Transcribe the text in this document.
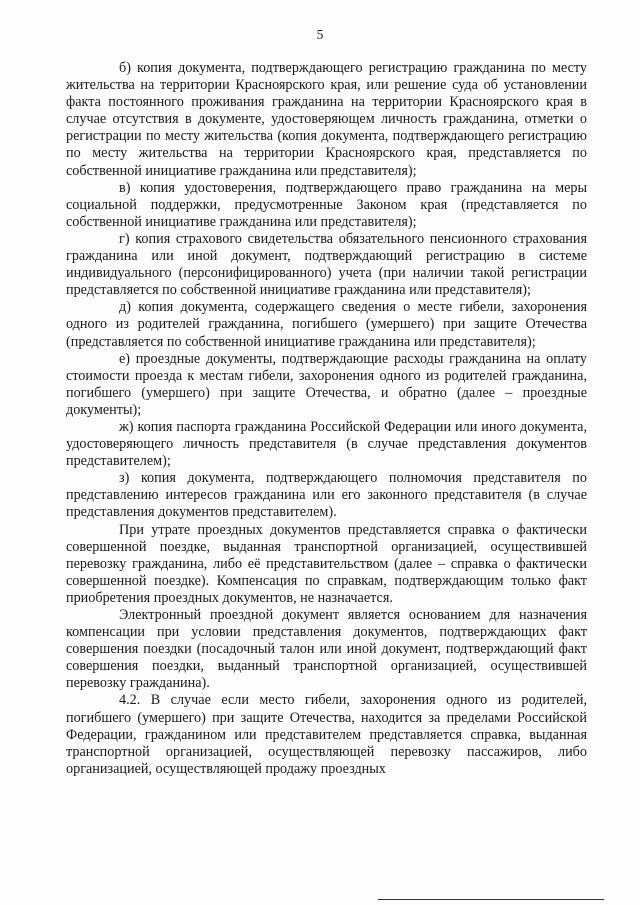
5

б) копия документа, подтверждающего регистрацию гражданина по месту жительства на территории Красноярского края, или решение суда об установлении факта постоянного проживания гражданина на территории Красноярского края в случае отсутствия в документе, удостоверяющем личность гражданина, отметки о регистрации по месту жительства (копия документа, подтверждающего регистрацию по месту жительства на территории Красноярского края, представляется по собственной инициативе гражданина или представителя);

в) копия удостоверения, подтверждающего право гражданина на меры социальной поддержки, предусмотренные Законом края (представляется по собственной инициативе гражданина или представителя);

г) копия страхового свидетельства обязательного пенсионного страхования гражданина или иной документ, подтверждающий регистрацию в системе индивидуального (персонифицированного) учета (при наличии такой регистрации представляется по собственной инициативе гражданина или представителя);

д) копия документа, содержащего сведения о месте гибели, захоронения одного из родителей гражданина, погибшего (умершего) при защите Отечества (представляется по собственной инициативе гражданина или представителя);

е) проездные документы, подтверждающие расходы гражданина на оплату стоимости проезда к местам гибели, захоронения одного из родителей гражданина, погибшего (умершего) при защите Отечества, и обратно (далее – проездные документы);

ж) копия паспорта гражданина Российской Федерации или иного документа, удостоверяющего личность представителя (в случае представления документов представителем);

з) копия документа, подтверждающего полномочия представителя по представлению интересов гражданина или его законного представителя (в случае представления документов представителем).

При утрате проездных документов представляется справка о фактически совершенной поездке, выданная транспортной организацией, осуществившей перевозку гражданина, либо её представительством (далее – справка о фактически совершенной поездке). Компенсация по справкам, подтверждающим только факт приобретения проездных документов, не назначается.

Электронный проездной документ является основанием для назначения компенсации при условии представления документов, подтверждающих факт совершения поездки (посадочный талон или иной документ, подтверждающий факт совершения поездки, выданный транспортной организацией, осуществившей перевозку гражданина).

4.2. В случае если место гибели, захоронения одного из родителей, погибшего (умершего) при защите Отечества, находится за пределами Российской Федерации, гражданином или представителем представляется справка, выданная транспортной организацией, осуществляющей перевозку пассажиров, либо организацией, осуществляющей продажу проездных
